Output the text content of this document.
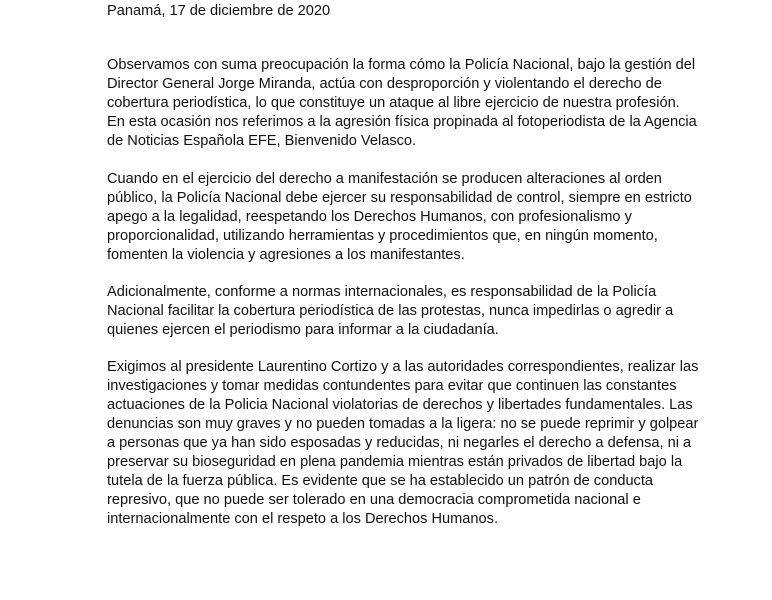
Panamá, 17 de diciembre de 2020
Observamos con suma preocupación la forma cómo la Policía Nacional, bajo la gestión del
Director General Jorge Miranda, actúa con desproporción y violentando el derecho de
cobertura periodística, lo que constituye un ataque al libre ejercicio de nuestra profesión.
En esta ocasión nos referimos a la agresión física propinada al fotoperiodista de la Agencia
de Noticias Española EFE, Bienvenido Velasco.
Cuando en el ejercicio del derecho a manifestación se producen alteraciones al orden
público, la Policía Nacional debe ejercer su responsabilidad de control, siempre en estricto
apego a la legalidad, reespetando los Derechos Humanos, con profesionalismo y
proporcionalidad, utilizando herramientas y procedimientos que, en ningún momento,
fomenten la violencia y agresiones a los manifestantes.
Adicionalmente, conforme a normas internacionales, es responsabilidad de la Policía
Nacional facilitar la cobertura periodística de las protestas, nunca impedirlas o agredir a
quienes ejercen el periodismo para informar a la ciudadanía.
Exigimos al presidente Laurentino Cortizo y a las autoridades correspondientes, realizar las
investigaciones y tomar medidas contundentes para evitar que continuen las constantes
actuaciones de la Policia Nacional violatorias de derechos y libertades fundamentales. Las
denuncias son muy graves y no pueden tomadas a la ligera: no se puede reprimir y golpear
a personas que ya han sido esposadas y reducidas, ni negarles el derecho a defensa, ni a
preservar su bioseguridad en plena pandemia mientras están privados de libertad bajo la
tutela de la fuerza pública. Es evidente que se ha establecido un patrón de conducta
represivo, que no puede ser tolerado en una democracia comprometida nacional e
internacionalmente con el respeto a los Derechos Humanos.
